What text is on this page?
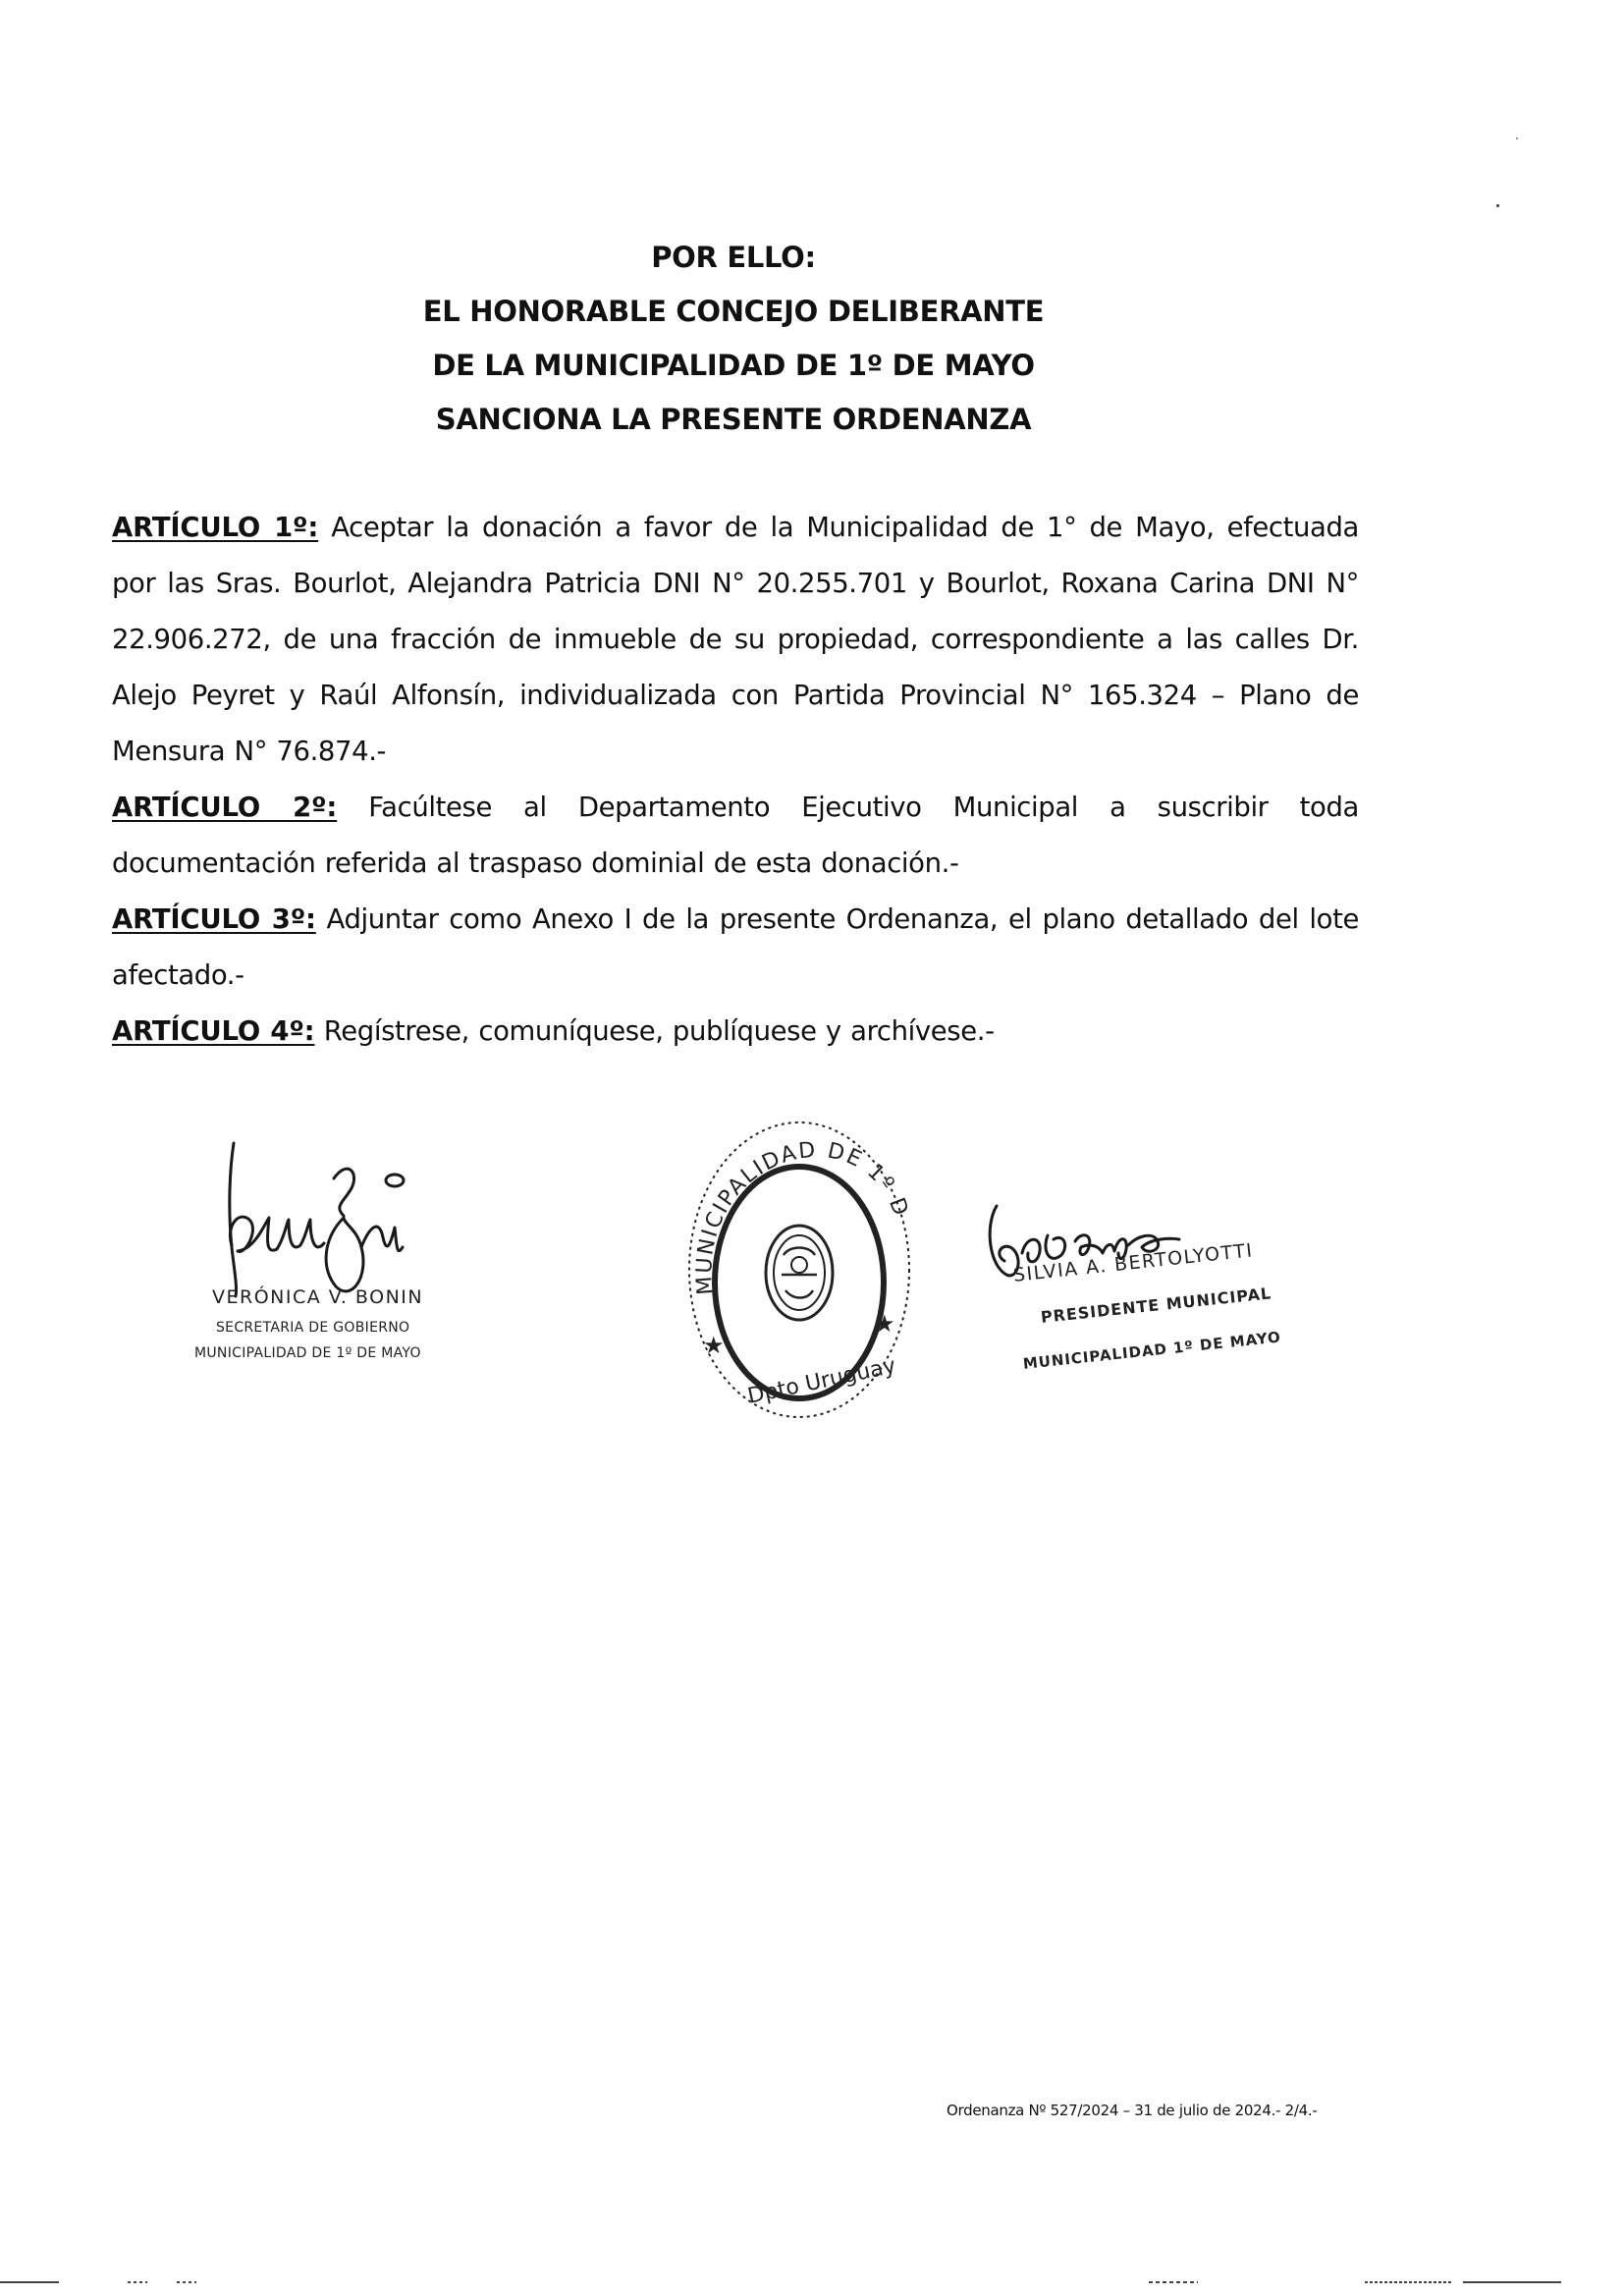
POR ELLO:
EL HONORABLE CONCEJO DELIBERANTE
DE LA MUNICIPALIDAD DE 1º DE MAYO
SANCIONA LA PRESENTE ORDENANZA
ARTÍCULO 1º: Aceptar la donación a favor de la Municipalidad de 1° de Mayo, efectuada por las Sras. Bourlot, Alejandra Patricia DNI N° 20.255.701 y Bourlot, Roxana Carina DNI N° 22.906.272, de una fracción de inmueble de su propiedad, correspondiente a las calles Dr. Alejo Peyret y Raúl Alfonsín, individualizada con Partida Provincial N° 165.324 – Plano de Mensura N° 76.874.-
ARTÍCULO 2º: Facúltese al Departamento Ejecutivo Municipal a suscribir toda documentación referida al traspaso dominial de esta donación.-
ARTÍCULO 3º: Adjuntar como Anexo I de la presente Ordenanza, el plano detallado del lote afectado.-
ARTÍCULO 4º: Regístrese, comuníquese, publíquese y archívese.-
VERÓNICA V. BONIN
SECRETARIA DE GOBIERNO
MUNICIPALIDAD DE 1º DE MAYO
MUNICIPALIDAD DE 1º D
★
★
Dpto Uruguay
SILVIA A. BERTOLYOTTI
PRESIDENTE MUNICIPAL
MUNICIPALIDAD 1º DE MAYO
Ordenanza Nº 527/2024 – 31 de julio de 2024.- 2/4.-
